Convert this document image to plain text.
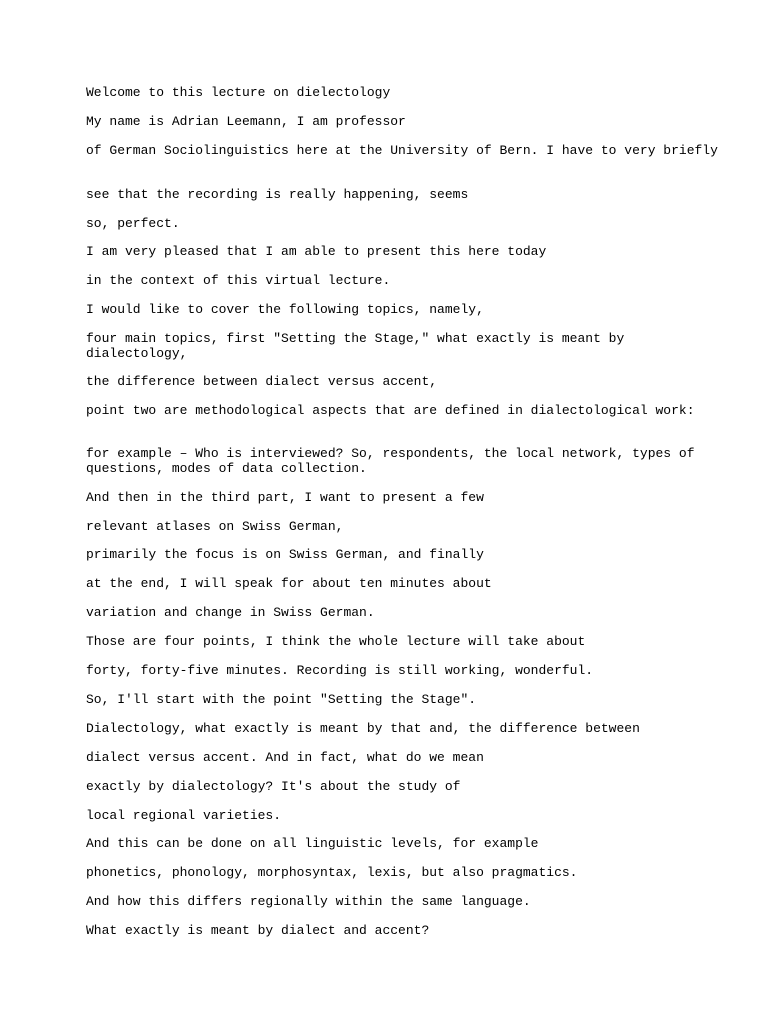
Welcome to this lecture on dielectology

My name is Adrian Leemann, I am professor

of German Sociolinguistics here at the University of Bern. I have to very briefly

see that the recording is really happening, seems

so, perfect.

I am very pleased that I am able to present this here today

in the context of this virtual lecture.

I would like to cover the following topics, namely,

four main topics, first "Setting the Stage," what exactly is meant by dialectology,

the difference between dialect versus accent,

point two are methodological aspects that are defined in dialectological work:

for example – Who is interviewed? So, respondents, the local network, types of questions, modes of data collection.

And then in the third part, I want to present a few

relevant atlases on Swiss German,

primarily the focus is on Swiss German, and finally

at the end, I will speak for about ten minutes about

variation and change in Swiss German.

Those are four points, I think the whole lecture will take about

forty, forty-five minutes. Recording is still working, wonderful.

So, I'll start with the point "Setting the Stage".

Dialectology, what exactly is meant by that and, the difference between

dialect versus accent. And in fact, what do we mean

exactly by dialectology? It's about the study of

local regional varieties.

And this can be done on all linguistic levels, for example

phonetics, phonology, morphosyntax, lexis, but also pragmatics.

And how this differs regionally within the same language.

What exactly is meant by dialect and accent?
